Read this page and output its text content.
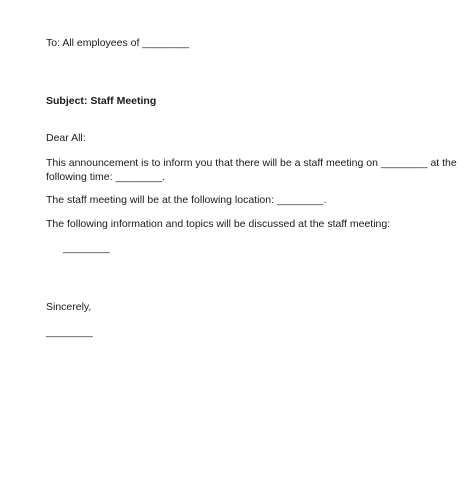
To: All employees of ________
Subject: Staff Meeting
Dear All:
This announcement is to inform you that there will be a staff meeting on ________ at the
following time: ________.
The staff meeting will be at the following location: ________.
The following information and topics will be discussed at the staff meeting:
________
Sincerely,
________
